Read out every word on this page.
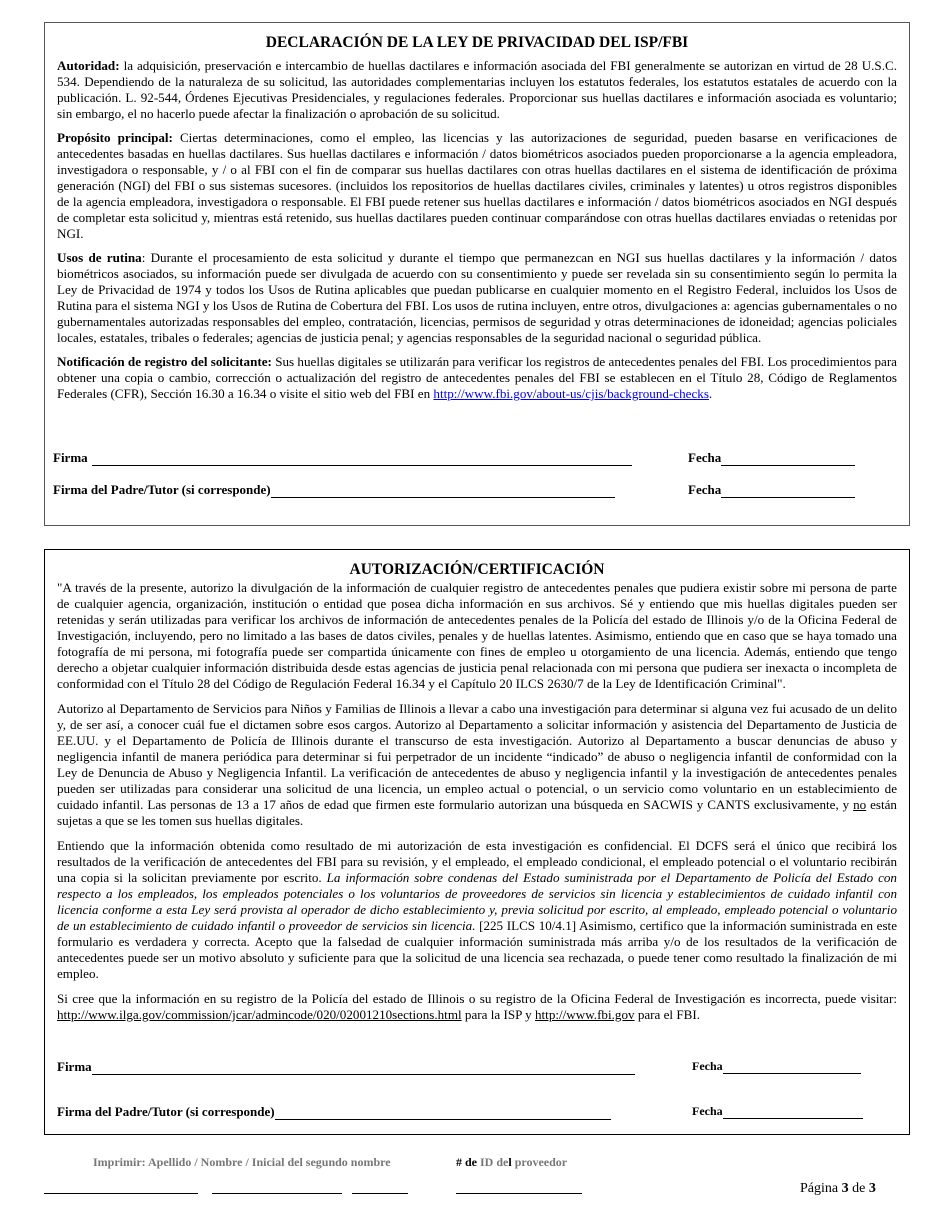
DECLARACIÓN DE LA LEY DE PRIVACIDAD DEL ISP/FBI

Autoridad: la adquisición, preservación e intercambio de huellas dactilares e información asociada del FBI generalmente se autorizan en virtud de 28 U.S.C. 534. Dependiendo de la naturaleza de su solicitud, las autoridades complementarias incluyen los estatutos federales, los estatutos estatales de acuerdo con la publicación. L. 92-544, Órdenes Ejecutivas Presidenciales, y regulaciones federales. Proporcionar sus huellas dactilares e información asociada es voluntario; sin embargo, el no hacerlo puede afectar la finalización o aprobación de su solicitud.

Propósito principal: Ciertas determinaciones, como el empleo, las licencias y las autorizaciones de seguridad, pueden basarse en verificaciones de antecedentes basadas en huellas dactilares. Sus huellas dactilares e información / datos biométricos asociados pueden proporcionarse a la agencia empleadora, investigadora o responsable, y / o al FBI con el fin de comparar sus huellas dactilares con otras huellas dactilares en el sistema de identificación de próxima generación (NGI) del FBI o sus sistemas sucesores. (incluidos los repositorios de huellas dactilares civiles, criminales y latentes) u otros registros disponibles de la agencia empleadora, investigadora o responsable. El FBI puede retener sus huellas dactilares e información / datos biométricos asociados en NGI después de completar esta solicitud y, mientras está retenido, sus huellas dactilares pueden continuar comparándose con otras huellas dactilares enviadas o retenidas por NGI.

Usos de rutina: Durante el procesamiento de esta solicitud y durante el tiempo que permanezcan en NGI sus huellas dactilares y la información / datos biométricos asociados, su información puede ser divulgada de acuerdo con su consentimiento y puede ser revelada sin su consentimiento según lo permita la Ley de Privacidad de 1974 y todos los Usos de Rutina aplicables que puedan publicarse en cualquier momento en el Registro Federal, incluidos los Usos de Rutina para el sistema NGI y los Usos de Rutina de Cobertura del FBI. Los usos de rutina incluyen, entre otros, divulgaciones a: agencias gubernamentales o no gubernamentales autorizadas responsables del empleo, contratación, licencias, permisos de seguridad y otras determinaciones de idoneidad; agencias policiales locales, estatales, tribales o federales; agencias de justicia penal; y agencias responsables de la seguridad nacional o seguridad pública.

Notificación de registro del solicitante: Sus huellas digitales se utilizarán para verificar los registros de antecedentes penales del FBI. Los procedimientos para obtener una copia o cambio, corrección o actualización del registro de antecedentes penales del FBI se establecen en el Título 28, Código de Reglamentos Federales (CFR), Sección 16.30 a 16.34 o visite el sitio web del FBI en http://www.fbi.gov/about-us/cjis/background-checks.

Firma	Fecha
Firma del Padre/Tutor (si corresponde)	Fecha
AUTORIZACIÓN/CERTIFICACIÓN

"A través de la presente, autorizo la divulgación de la información de cualquier registro de antecedentes penales que pudiera existir sobre mi persona de parte de cualquier agencia, organización, institución o entidad que posea dicha información en sus archivos. Sé y entiendo que mis huellas digitales pueden ser retenidas y serán utilizadas para verificar los archivos de información de antecedentes penales de la Policía del estado de Illinois y/o de la Oficina Federal de Investigación, incluyendo, pero no limitado a las bases de datos civiles, penales y de huellas latentes. Asimismo, entiendo que en caso que se haya tomado una fotografía de mi persona, mi fotografía puede ser compartida únicamente con fines de empleo u otorgamiento de una licencia. Además, entiendo que tengo derecho a objetar cualquier información distribuida desde estas agencias de justicia penal relacionada con mi persona que pudiera ser inexacta o incompleta de conformidad con el Título 28 del Código de Regulación Federal 16.34 y el Capítulo 20 ILCS 2630/7 de la Ley de Identificación Criminal".

Autorizo al Departamento de Servicios para Niños y Familias de Illinois a llevar a cabo una investigación para determinar si alguna vez fui acusado de un delito y, de ser así, a conocer cuál fue el dictamen sobre esos cargos. Autorizo al Departamento a solicitar información y asistencia del Departamento de Justicia de EE.UU. y el Departamento de Policía de Illinois durante el transcurso de esta investigación. Autorizo al Departamento a buscar denuncias de abuso y negligencia infantil de manera periódica para determinar si fui perpetrador de un incidente “indicado” de abuso o negligencia infantil de conformidad con la Ley de Denuncia de Abuso y Negligencia Infantil. La verificación de antecedentes de abuso y negligencia infantil y la investigación de antecedentes penales pueden ser utilizadas para considerar una solicitud de una licencia, un empleo actual o potencial, o un servicio como voluntario en un establecimiento de cuidado infantil. Las personas de 13 a 17 años de edad que firmen este formulario autorizan una búsqueda en SACWIS y CANTS exclusivamente, y no están sujetas a que se les tomen sus huellas digitales.

Entiendo que la información obtenida como resultado de mi autorización de esta investigación es confidencial. El DCFS será el único que recibirá los resultados de la verificación de antecedentes del FBI para su revisión, y el empleado, el empleado condicional, el empleado potencial o el voluntario recibirán una copia si la solicitan previamente por escrito. La información sobre condenas del Estado suministrada por el Departamento de Policía del Estado con respecto a los empleados, los empleados potenciales o los voluntarios de proveedores de servicios sin licencia y establecimientos de cuidado infantil con licencia conforme a esta Ley será provista al operador de dicho establecimiento y, previa solicitud por escrito, al empleado, empleado potencial o voluntario de un establecimiento de cuidado infantil o proveedor de servicios sin licencia. [225 ILCS 10/4.1] Asimismo, certifico que la información suministrada en este formulario es verdadera y correcta. Acepto que la falsedad de cualquier información suministrada más arriba y/o de los resultados de la verificación de antecedentes puede ser un motivo absoluto y suficiente para que la solicitud de una licencia sea rechazada, o puede tener como resultado la finalización de mi empleo.

Si cree que la información en su registro de la Policía del estado de Illinois o su registro de la Oficina Federal de Investigación es incorrecta, puede visitar: http://www.ilga.gov/commission/jcar/admincode/020/02001210sections.html para la ISP y http://www.fbi.gov para el FBI.

Firma	Fecha
Firma del Padre/Tutor (si corresponde)	Fecha
Imprimir: Apellido / Nombre / Inicial del segundo nombre	# de ID del proveedor
Página 3 de 3
